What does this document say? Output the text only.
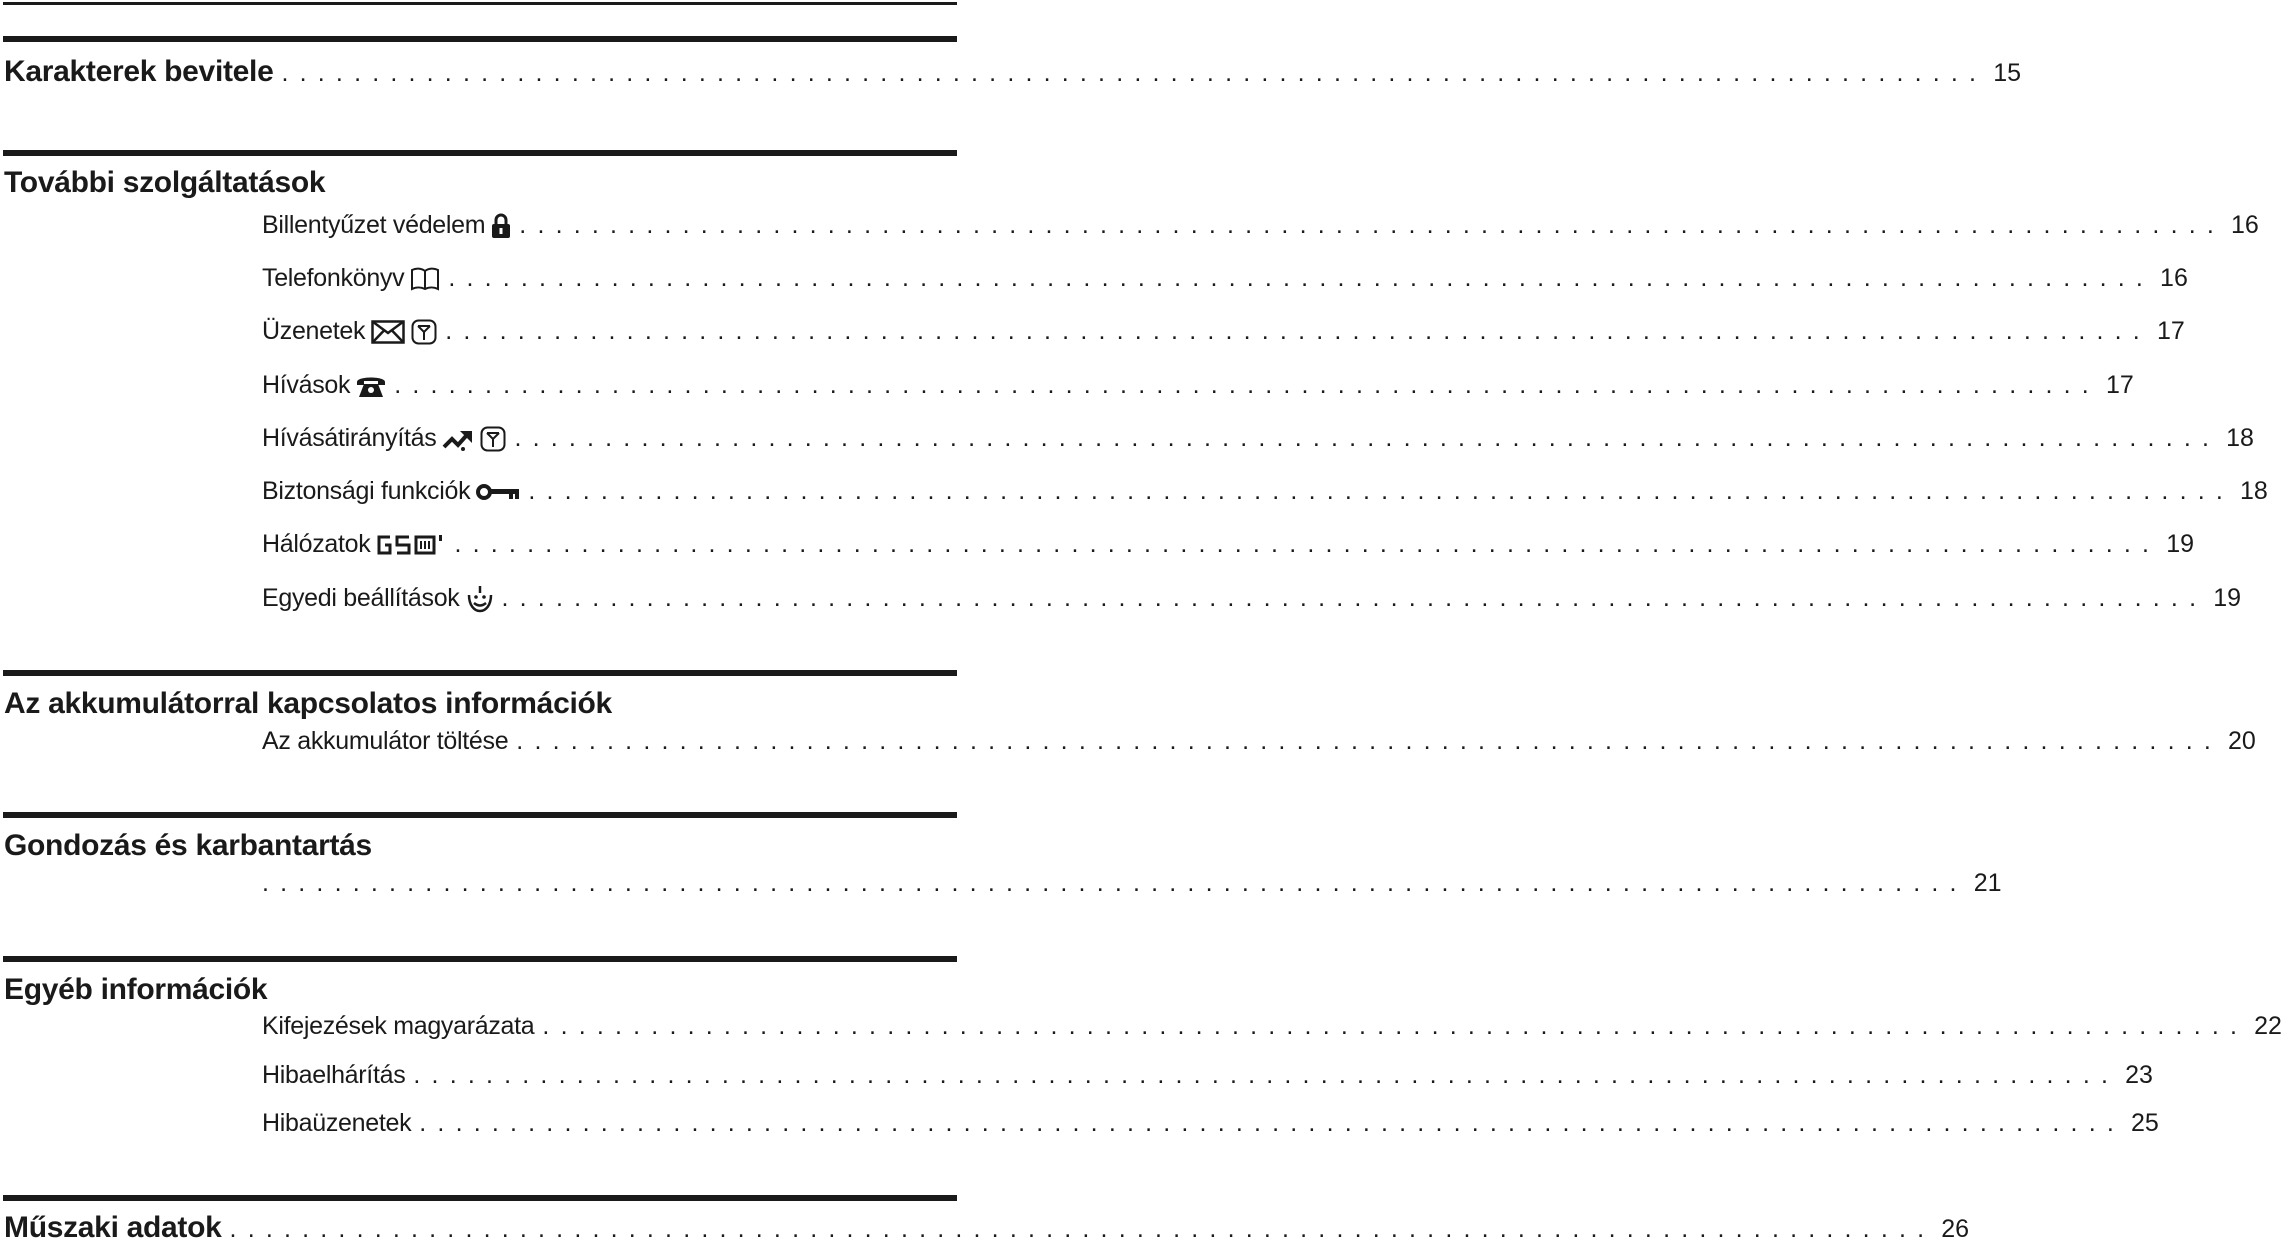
Karakterek bevitele .............................................................................................. 15
További szolgáltatások
Billentyűzet védelem .............................................................................................. 16
Telefonkönyv .............................................................................................. 16
Üzenetek	.............................................................................................. 17
Hívások .............................................................................................. 17
Hívásátirányítás	.............................................................................................. 18
Biztonsági funkciók .............................................................................................. 18
Hálózatok	.............................................................................................. 19
Egyedi beállítások .............................................................................................. 19
Az akkumulátorral kapcsolatos információk
Az akkumulátor töltése .............................................................................................. 20
Gondozás és karbantartás
.............................................................................................. 21
Egyéb információk
Kifejezések magyarázata .............................................................................................. 22
Hibaelhárítás .............................................................................................. 23
Hibaüzenetek .............................................................................................. 25
Műszaki adatok .............................................................................................. 26
